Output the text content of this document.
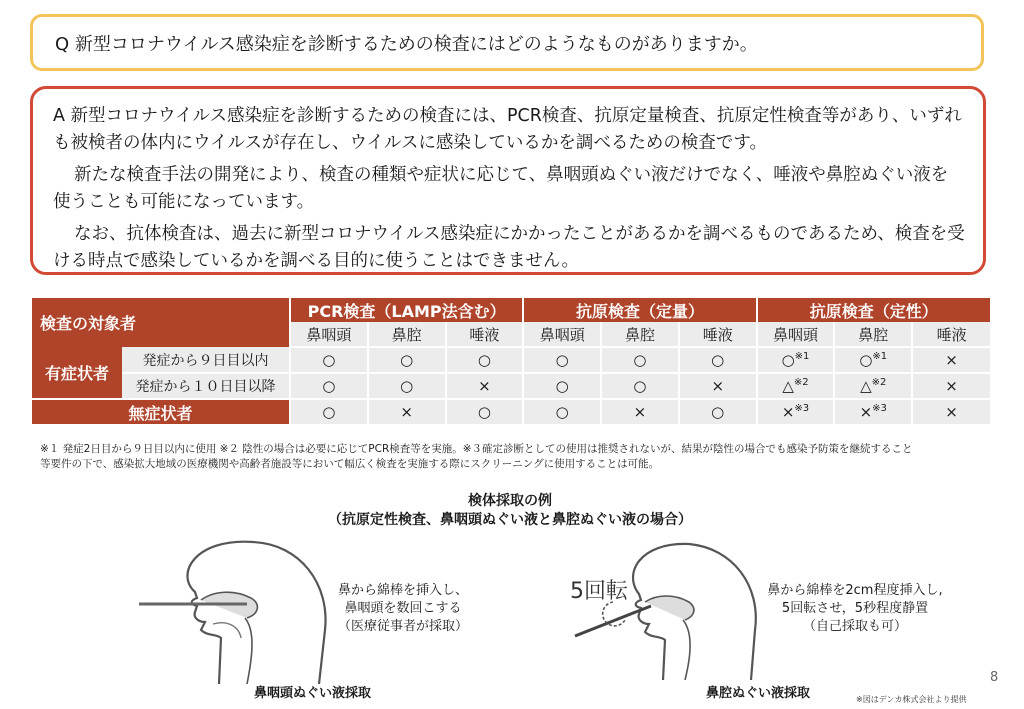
Q 新型コロナウイルス感染症を診断するための検査にはどのようなものがありますか。

A 新型コロナウイルス感染症を診断するための検査には、PCR検査、抗原定量検査、抗原定性検査等があり、いずれも被検者の体内にウイルスが存在し、ウイルスに感染しているかを調べるための検査です。

新たな検査手法の開発により、検査の種類や症状に応じて、鼻咽頭ぬぐい液だけでなく、唾液や鼻腔ぬぐい液を使うことも可能になっています。

なお、抗体検査は、過去に新型コロナウイルス感染症にかかったことがあるかを調べるものであるため、検査を受ける時点で感染しているかを調べる目的に使うことはできません。

検査の対象者		PCR検査（LAMP法含む）			抗原検査（定量）			抗原検査（定性）		
		鼻咽頭	鼻腔	唾液	鼻咽頭	鼻腔	唾液	鼻咽頭	鼻腔	唾液
有症状者	発症から９日目以内	○	○	○	○	○	○	○$^{※1}$	○$^{※1}$	×
	発症から１０日目以降	○	○	×	○	○	×	△$^{※2}$	△$^{※2}$	×
無症状者		○	×	○	○	×	○	×$^{※3}$	×$^{※3}$	×
※１ 発症2日目から９日目以内に使用 ※２ 陰性の場合は必要に応じてPCR検査等を実施。※３確定診断としての使用は推奨されないが、結果が陰性の場合でも感染予防策を継続すること
等要件の下で、感染拡大地域の医療機関や高齢者施設等において幅広く検査を実施する際にスクリーニングに使用することは可能。
検体採取の例
（抗原定性検査、鼻咽頭ぬぐい液と鼻腔ぬぐい液の場合）
鼻から綿棒を挿入し、
鼻咽頭を数回こする
（医療従事者が採取）
鼻咽頭ぬぐい液採取
5回転	鼻から綿棒を2cm程度挿入し,
5回転させ，5秒程度静置
（自己採取も可）
鼻腔ぬぐい液採取
8
※図はデンカ株式会社より提供
